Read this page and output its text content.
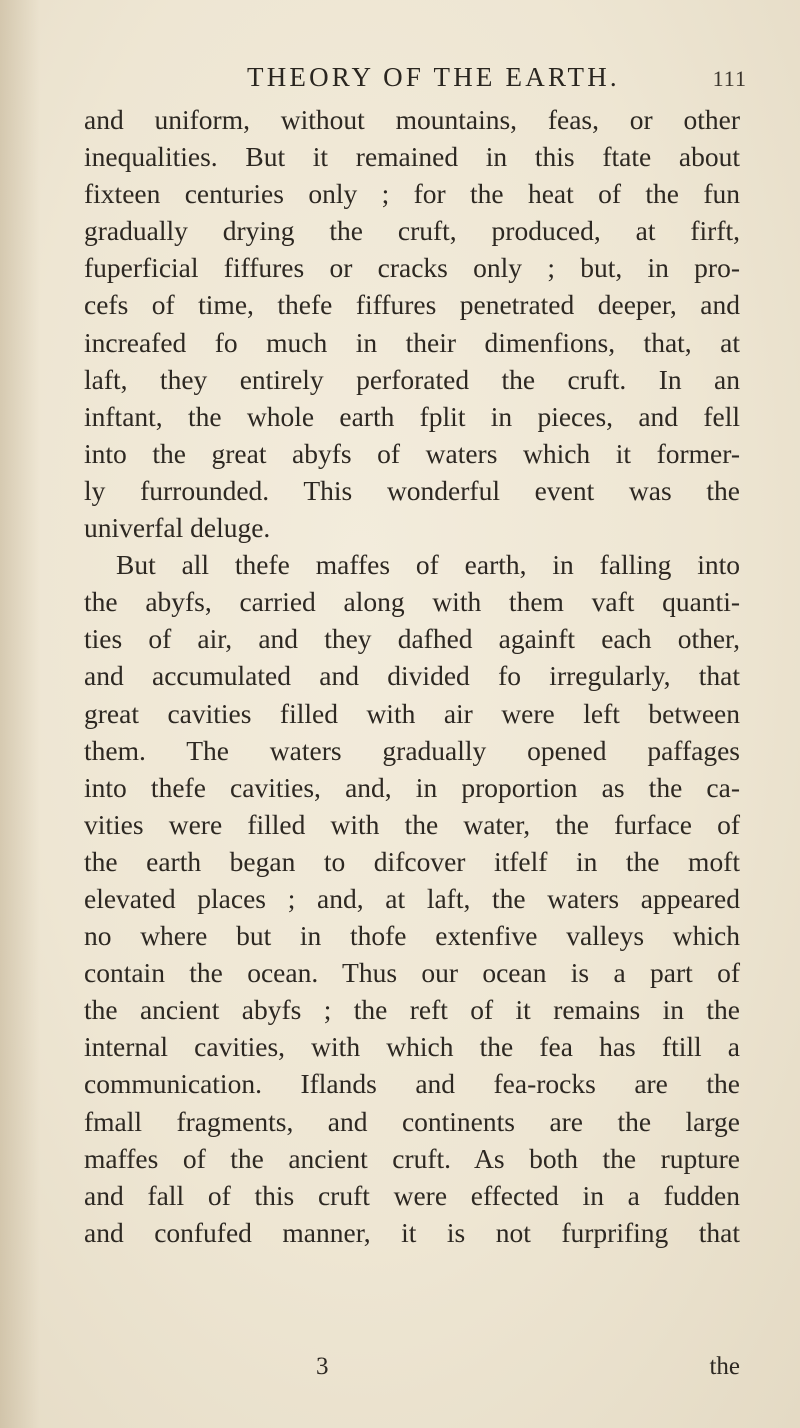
THEORY OF THE EARTH.	111
and uniform, without mountains, feas, or other
inequalities. But it remained in this ftate about
fixteen centuries only ; for the heat of the fun
gradually drying the cruft, produced, at firft,
fuperficial fiffures or cracks only ; but, in pro-
cefs of time, thefe fiffures penetrated deeper, and
increafed fo much in their dimenfions, that, at
laft, they entirely perforated the cruft. In an
inftant, the whole earth fplit in pieces, and fell
into the great abyfs of waters which it former-
ly furrounded. This wonderful event was the
univerfal deluge.
But all thefe maffes of earth, in falling into
the abyfs, carried along with them vaft quanti-
ties of air, and they dafhed againft each other,
and accumulated and divided fo irregularly, that
great cavities filled with air were left between
them. The waters gradually opened paffages
into thefe cavities, and, in proportion as the ca-
vities were filled with the water, the furface of
the earth began to difcover itfelf in the moft
elevated places ; and, at laft, the waters appeared
no where but in thofe extenfive valleys which
contain the ocean. Thus our ocean is a part of
the ancient abyfs ; the reft of it remains in the
internal cavities, with which the fea has ftill a
communication. Iflands and fea-rocks are the
fmall fragments, and continents are the large
maffes of the ancient cruft. As both the rupture
and fall of this cruft were effected in a fudden
and confufed manner, it is not furprifing that
3	the
